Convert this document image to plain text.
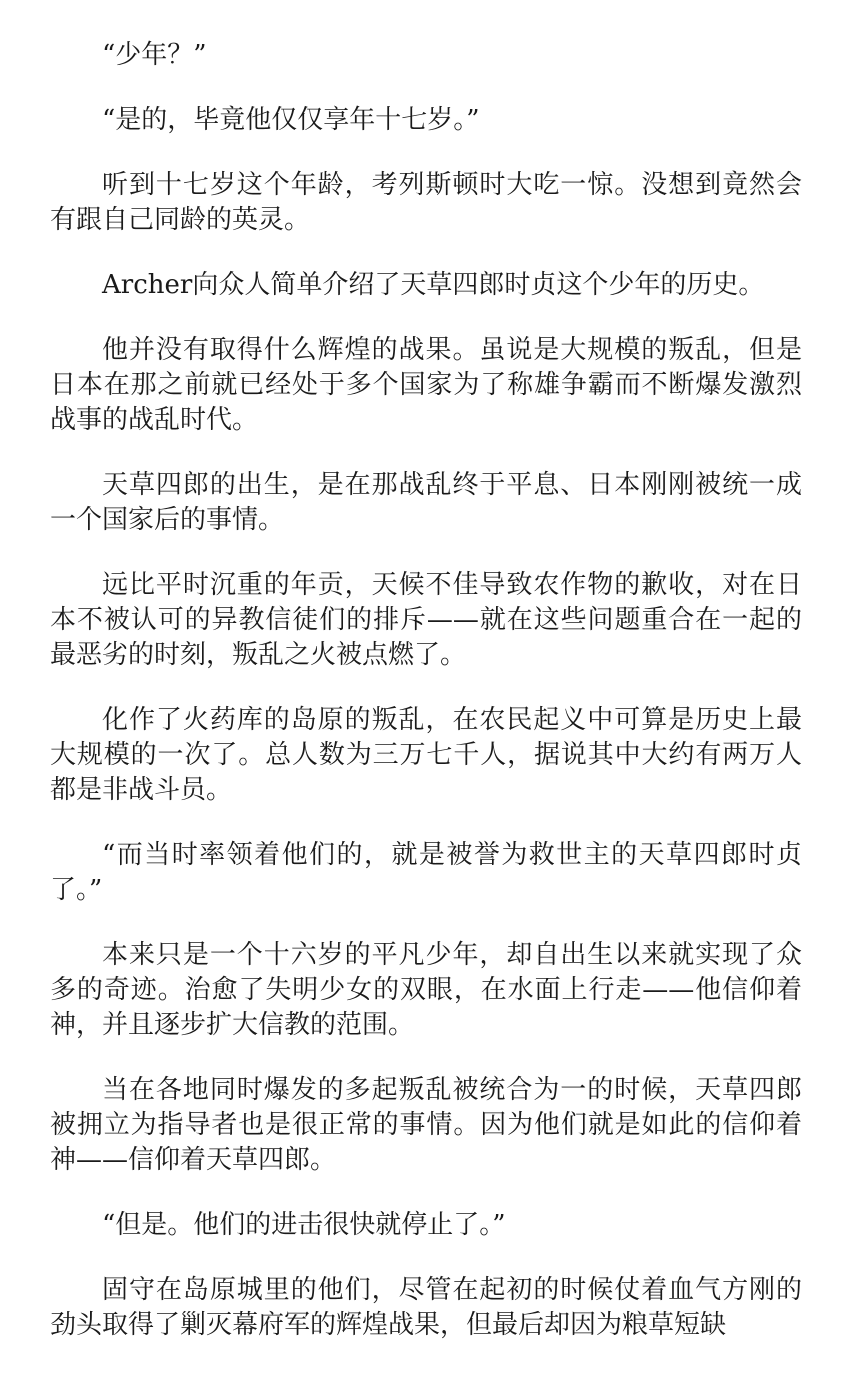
“少年？”

“是的，毕竟他仅仅享年十七岁。”

听到十七岁这个年龄，考列斯顿时大吃一惊。没想到竟然会有跟自己同龄的英灵。

Archer向众人简单介绍了天草四郎时贞这个少年的历史。

他并没有取得什么辉煌的战果。虽说是大规模的叛乱，但是日本在那之前就已经处于多个国家为了称雄争霸而不断爆发激烈战事的战乱时代。

天草四郎的出生，是在那战乱终于平息、日本刚刚被统一成一个国家后的事情。

远比平时沉重的年贡，天候不佳导致农作物的歉收，对在日本不被认可的异教信徒们的排斥——就在这些问题重合在一起的最恶劣的时刻，叛乱之火被点燃了。

化作了火药库的岛原的叛乱，在农民起义中可算是历史上最大规模的一次了。总人数为三万七千人，据说其中大约有两万人都是非战斗员。

“而当时率领着他们的，就是被誉为救世主的天草四郎时贞了。”

本来只是一个十六岁的平凡少年，却自出生以来就实现了众多的奇迹。治愈了失明少女的双眼，在水面上行走——他信仰着神，并且逐步扩大信教的范围。

当在各地同时爆发的多起叛乱被统合为一的时候，天草四郎被拥立为指导者也是很正常的事情。因为他们就是如此的信仰着神——信仰着天草四郎。

“但是。他们的进击很快就停止了。”

固守在岛原城里的他们，尽管在起初的时候仗着血气方刚的劲头取得了剿灭幕府军的辉煌战果，但最后却因为粮草短缺
